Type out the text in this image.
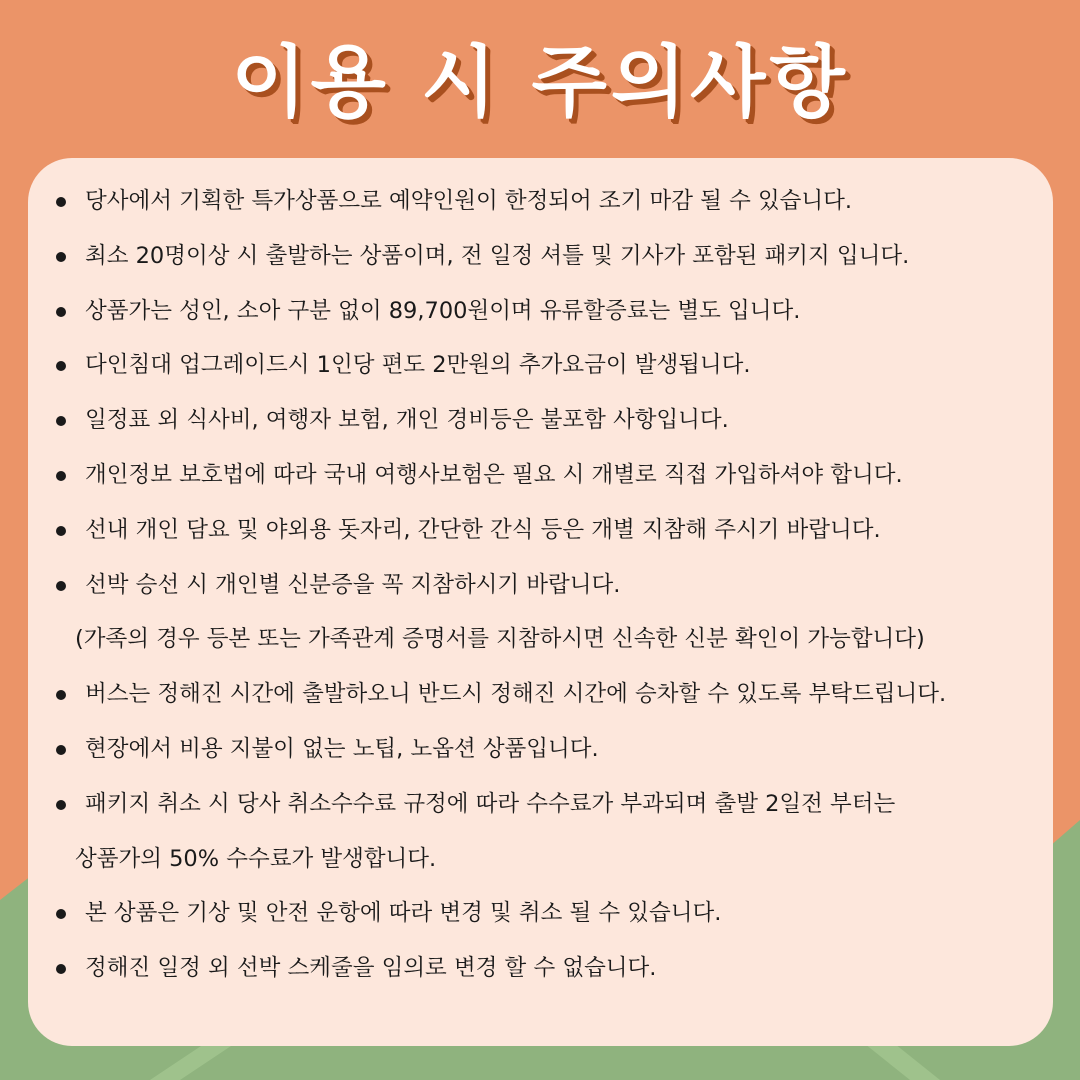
이용 시 주의사항
당사에서 기획한 특가상품으로 예약인원이 한정되어 조기 마감 될 수 있습니다.
최소 20명이상 시 출발하는 상품이며, 전 일정 셔틀 및 기사가 포함된 패키지 입니다.
상품가는 성인, 소아 구분 없이 89,700원이며 유류할증료는 별도 입니다.
다인침대 업그레이드시 1인당 편도 2만원의 추가요금이 발생됩니다.
일정표 외 식사비, 여행자 보험, 개인 경비등은 불포함 사항입니다.
개인정보 보호법에 따라 국내 여행사보험은 필요 시 개별로 직접 가입하셔야 합니다.
선내 개인 담요 및 야외용 돗자리, 간단한 간식 등은 개별 지참해 주시기 바랍니다.
선박 승선 시 개인별 신분증을 꼭 지참하시기 바랍니다.
(가족의 경우 등본 또는 가족관계 증명서를 지참하시면 신속한 신분 확인이 가능합니다)
버스는 정해진 시간에 출발하오니 반드시 정해진 시간에 승차할 수 있도록 부탁드립니다.
현장에서 비용 지불이 없는 노팁, 노옵션 상품입니다.
패키지 취소 시 당사 취소수수료 규정에 따라 수수료가 부과되며 출발 2일전 부터는
상품가의 50% 수수료가 발생합니다.
본 상품은 기상 및 안전 운항에 따라 변경 및 취소 될 수 있습니다.
정해진 일정 외 선박 스케줄을 임의로 변경 할 수 없습니다.
